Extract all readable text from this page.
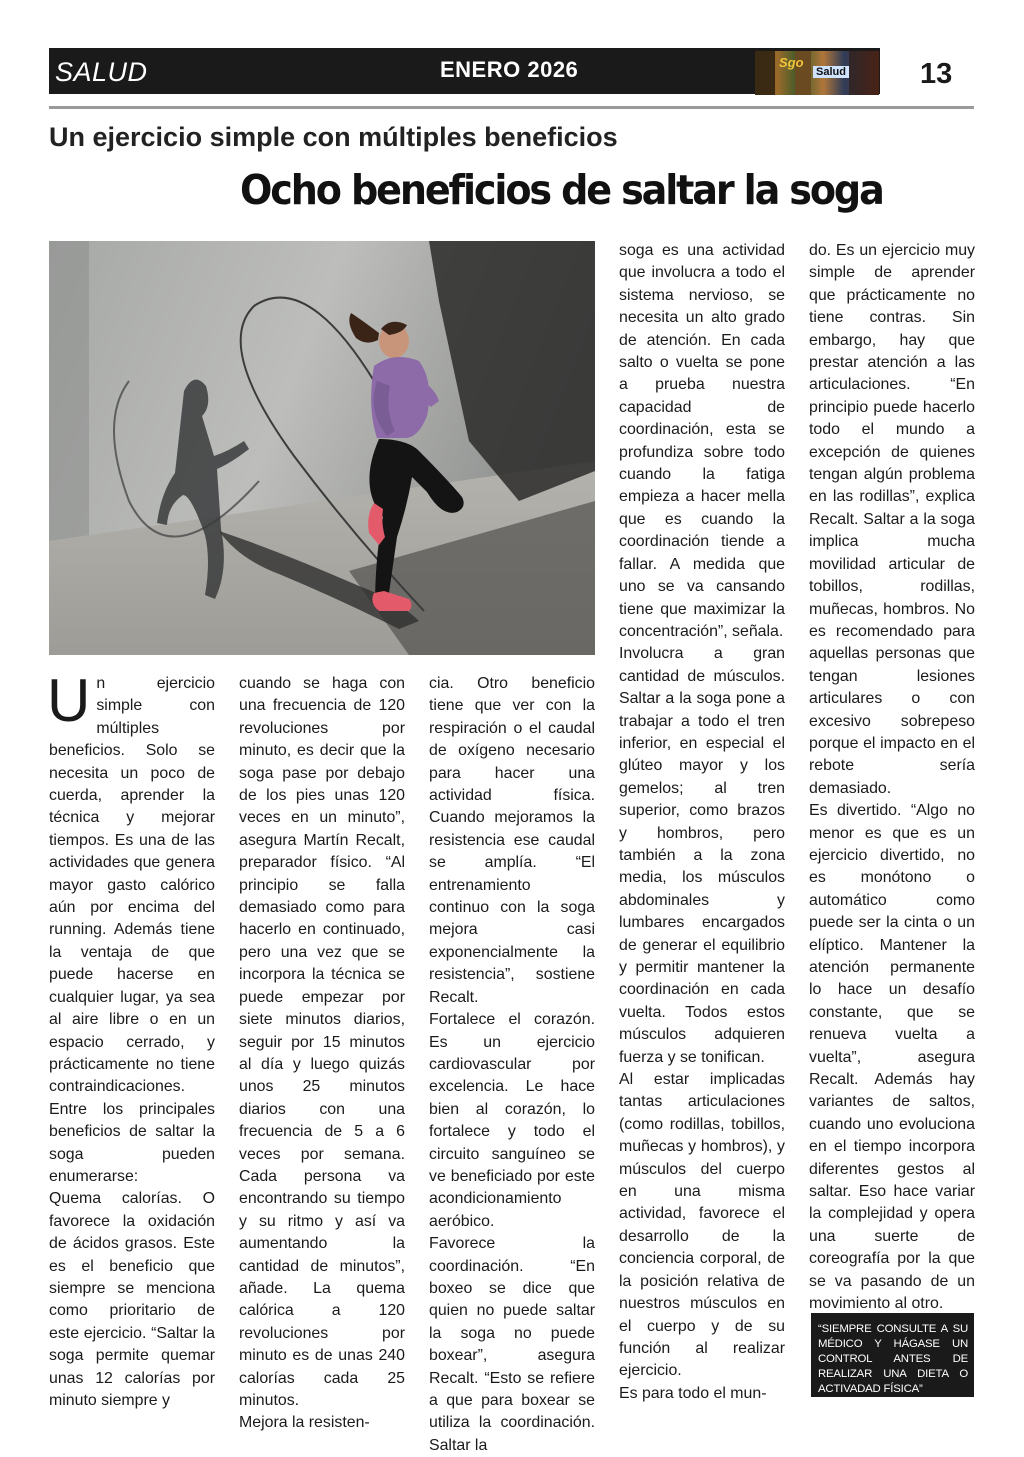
SALUD	ENERO 2026	Sgo
Salud	13
Un ejercicio simple con múltiples beneficios
Ocho beneficios de saltar la soga
U n ejercicio simple con múltiples beneficios. Solo se necesita un poco de cuerda, aprender la técnica y mejorar tiempos. Es una de las actividades que genera mayor gasto calórico aún por encima del running. Además tiene la ventaja de que puede hacerse en cualquier lugar, ya sea al aire libre o en un espacio cerrado, y prácticamente no tiene contraindicaciones. Entre los principales beneficios de saltar la soga pueden enumerarse:

Quema calorías. O favorece la oxidación de ácidos grasos. Este es el beneficio que siempre se menciona como prioritario de este ejercicio. “Saltar la soga permite quemar unas 12 calorías por minuto siempre y

cuando se haga con una frecuencia de 120 revoluciones por minuto, es decir que la soga pase por debajo de los pies unas 120 veces en un minuto”, asegura Martín Recalt, preparador físico. “Al principio se falla demasiado como para hacerlo en continuado, pero una vez que se incorpora la técnica se puede empezar por siete minutos diarios, seguir por 15 minutos al día y luego quizás unos 25 minutos diarios con una frecuencia de 5 a 6 veces por semana. Cada persona va encontrando su tiempo y su ritmo y así va aumentando la cantidad de minutos”, añade. La quema calórica a 120 revoluciones por minuto es de unas 240 calorías cada 25 minutos.

Mejora la resisten-

cia. Otro beneficio tiene que ver con la respiración o el caudal de oxígeno necesario para hacer una actividad física. Cuando mejoramos la resistencia ese caudal se amplía. “El entrenamiento continuo con la soga mejora casi exponencialmente la resistencia”, sostiene Recalt.

Fortalece el corazón. Es un ejercicio cardiovascular por excelencia. Le hace bien al corazón, lo fortalece y todo el circuito sanguíneo se ve beneficiado por este acondicionamiento aeróbico.

Favorece la coordinación. “En boxeo se dice que quien no puede saltar la soga no puede boxear”, asegura Recalt. “Esto se refiere a que para boxear se utiliza la coordinación. Saltar la

soga es una actividad que involucra a todo el sistema nervioso, se necesita un alto grado de atención. En cada salto o vuelta se pone a prueba nuestra capacidad de coordinación, esta se profundiza sobre todo cuando la fatiga empieza a hacer mella que es cuando la coordinación tiende a fallar. A medida que uno se va cansando tiene que maximizar la concentración”, señala.

Involucra a gran cantidad de músculos. Saltar a la soga pone a trabajar a todo el tren inferior, en especial el glúteo mayor y los gemelos; al tren superior, como brazos y hombros, pero también a la zona media, los músculos abdominales y lumbares encargados de generar el equilibrio y permitir mantener la coordinación en cada vuelta. Todos estos músculos adquieren fuerza y se tonifican.

Al estar implicadas tantas articulaciones (como rodillas, tobillos, muñecas y hombros), y músculos del cuerpo en una misma actividad, favorece el desarrollo de la conciencia corporal, de la posición relativa de nuestros músculos en el cuerpo y de su función al realizar ejercicio.

Es para todo el mun-

do. Es un ejercicio muy simple de aprender que prácticamente no tiene contras. Sin embargo, hay que prestar atención a las articulaciones. “En principio puede hacerlo todo el mundo a excepción de quienes tengan algún problema en las rodillas”, explica Recalt. Saltar a la soga implica mucha movilidad articular de tobillos, rodillas, muñecas, hombros. No es recomendado para aquellas personas que tengan lesiones articulares o con excesivo sobrepeso porque el impacto en el rebote sería demasiado.

Es divertido. “Algo no menor es que es un ejercicio divertido, no es monótono o automático como puede ser la cinta o un elíptico. Mantener la atención permanente lo hace un desafío constante, que se renueva vuelta a vuelta”, asegura Recalt. Además hay variantes de saltos, cuando uno evoluciona en el tiempo incorpora diferentes gestos al saltar. Eso hace variar la complejidad y opera una suerte de coreografía por la que se va pasando de un movimiento al otro.

“SIEMPRE CONSULTE A SU MÉDICO Y HÁGASE UN CONTROL ANTES DE REALIZAR UNA DIETA O ACTIVADAD FÍSICA”
